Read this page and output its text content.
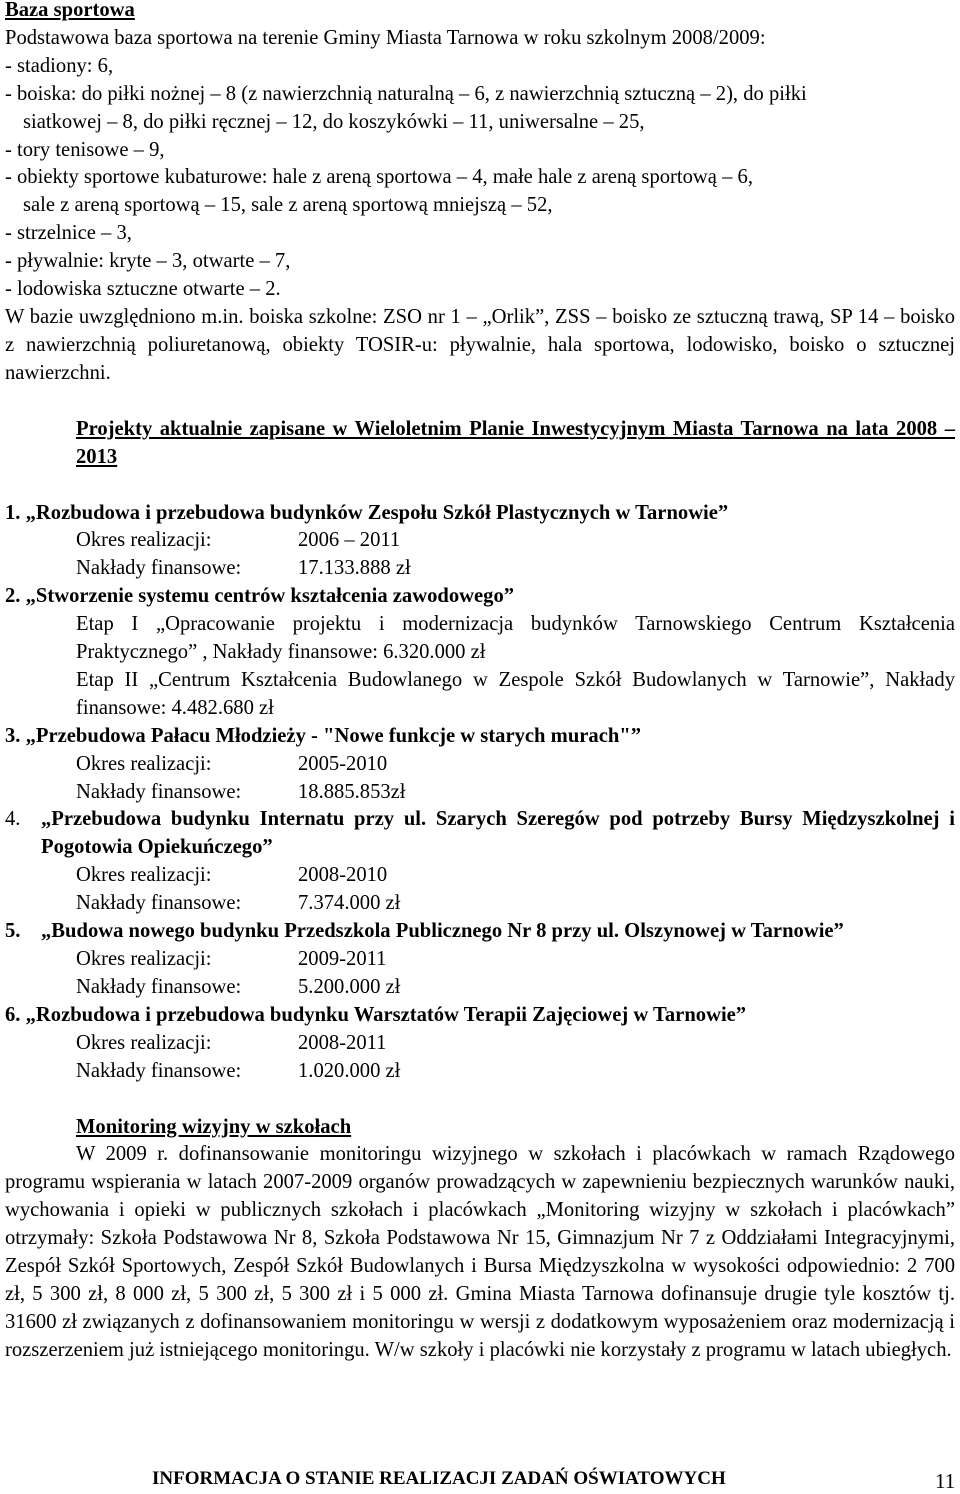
Baza sportowa
Podstawowa baza sportowa na terenie Gminy Miasta Tarnowa w roku szkolnym 2008/2009:
- stadiony: 6,
- boiska: do piłki nożnej – 8 (z nawierzchnią naturalną – 6, z nawierzchnią sztuczną – 2), do piłki
siatkowej – 8, do piłki ręcznej – 12, do koszykówki – 11, uniwersalne – 25,
- tory tenisowe – 9,
- obiekty sportowe kubaturowe: hale z areną sportowa – 4, małe hale z areną sportową – 6,
sale z areną sportową – 15, sale z areną sportową mniejszą – 52,
- strzelnice – 3,
- pływalnie: kryte – 3, otwarte – 7,
- lodowiska sztuczne otwarte – 2.
W bazie uwzględniono m.in. boiska szkolne: ZSO nr 1 – „Orlik”, ZSS – boisko ze sztuczną trawą, SP 14 – boisko z nawierzchnią poliuretanową, obiekty TOSIR-u: pływalnie, hala sportowa, lodowisko, boisko o sztucznej nawierzchni.
Projekty aktualnie zapisane w Wieloletnim Planie Inwestycyjnym Miasta Tarnowa na lata 2008 – 2013
1. „Rozbudowa i przebudowa budynków Zespołu Szkół Plastycznych w Tarnowie”
Okres realizacji:	2006 – 2011
Nakłady finansowe:	17.133.888 zł
2. „Stworzenie systemu centrów kształcenia zawodowego”
Etap I „Opracowanie projektu i modernizacja budynków Tarnowskiego Centrum Kształcenia Praktycznego” , Nakłady finansowe: 6.320.000 zł
Etap II „Centrum Kształcenia Budowlanego w Zespole Szkół Budowlanych w Tarnowie”, Nakłady finansowe: 4.482.680 zł
3. „Przebudowa Pałacu Młodzieży - "Nowe funkcje w starych murach"”
Okres realizacji:	2005-2010
Nakłady finansowe:	18.885.853zł
4. „Przebudowa budynku Internatu przy ul. Szarych Szeregów pod potrzeby Bursy Międzyszkolnej i Pogotowia Opiekuńczego”
Okres realizacji:	2008-2010
Nakłady finansowe:	7.374.000 zł
5. „Budowa nowego budynku Przedszkola Publicznego Nr 8 przy ul. Olszynowej w Tarnowie”
Okres realizacji:	2009-2011
Nakłady finansowe:	5.200.000 zł
6. „Rozbudowa i przebudowa budynku Warsztatów Terapii Zajęciowej w Tarnowie”
Okres realizacji:	2008-2011
Nakłady finansowe:	1.020.000 zł
Monitoring wizyjny w szkołach
W 2009 r. dofinansowanie monitoringu wizyjnego w szkołach i placówkach w ramach Rządowego programu wspierania w latach 2007-2009 organów prowadzących w zapewnieniu bezpiecznych warunków nauki, wychowania i opieki w publicznych szkołach i placówkach „Monitoring wizyjny w szkołach i placówkach” otrzymały: Szkoła Podstawowa Nr 8, Szkoła Podstawowa Nr 15, Gimnazjum Nr 7 z Oddziałami Integracyjnymi, Zespół Szkół Sportowych, Zespół Szkół Budowlanych i Bursa Międzyszkolna w wysokości odpowiednio: 2 700 zł, 5 300 zł, 8 000 zł, 5 300 zł, 5 300 zł i 5 000 zł. Gmina Miasta Tarnowa dofinansuje drugie tyle kosztów tj. 31600 zł związanych z dofinansowaniem monitoringu w wersji z dodatkowym wyposażeniem oraz modernizacją i rozszerzeniem już istniejącego monitoringu. W/w szkoły i placówki nie korzystały z programu w latach ubiegłych.
INFORMACJA O STANIE REALIZACJI ZADAŃ OŚWIATOWYCH	11
